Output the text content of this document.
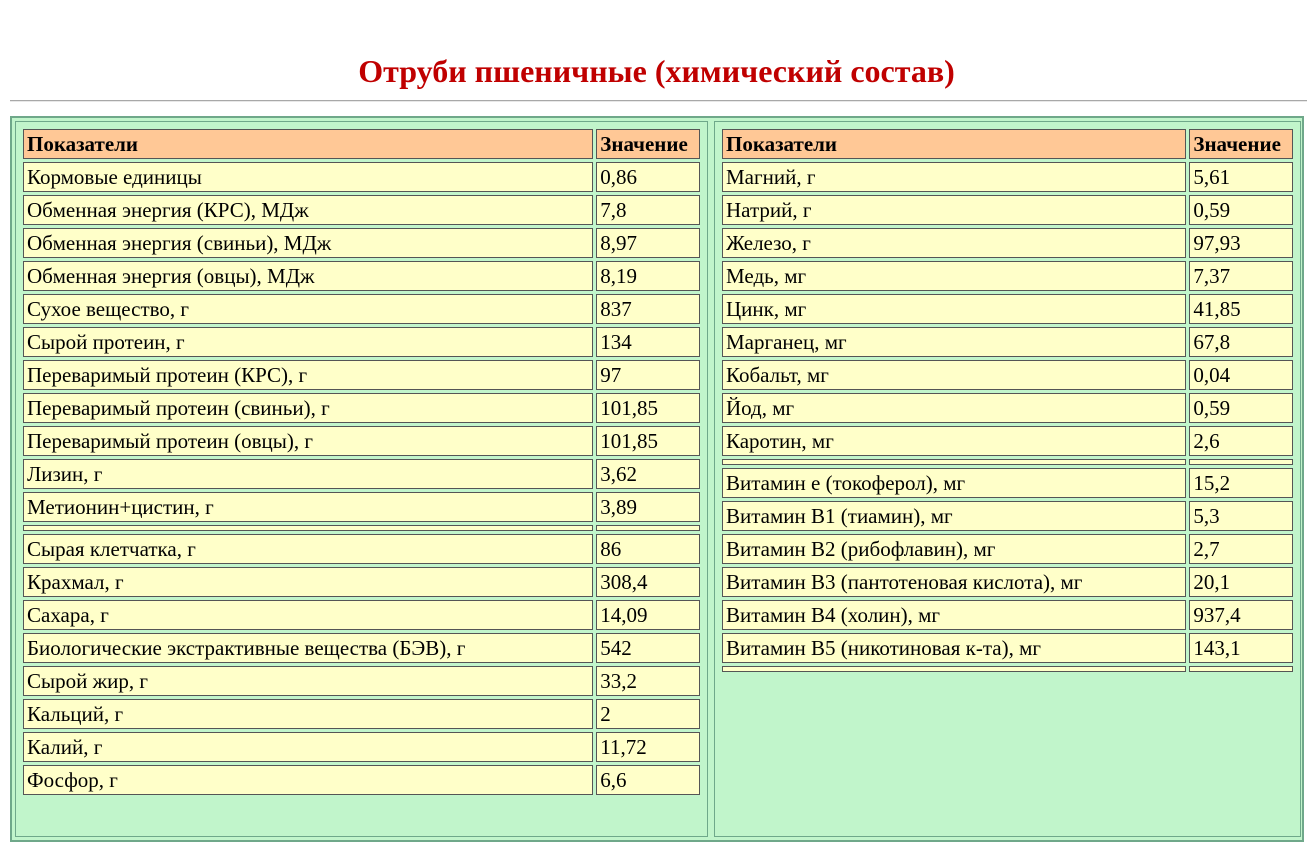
Отруби пшеничные (химический состав)
Показатели	Значение
Кормовые единицы	0,86
Обменная энергия (КРС), МДж	7,8
Обменная энергия (свиньи), МДж	8,97
Обменная энергия (овцы), МДж	8,19
Сухое вещество, г	837
Сырой протеин, г	134
Переваримый протеин (КРС), г	97
Переваримый протеин (свиньи), г	101,85
Переваримый протеин (овцы), г	101,85
Лизин, г	3,62
Метионин+цистин, г	3,89

Сырая клетчатка, г	86
Крахмал, г	308,4
Сахара, г	14,09
Биологические экстрактивные вещества (БЭВ), г	542
Сырой жир, г	33,2
Кальций, г	2
Калий, г	11,72
Фосфор, г	6,6
Показатели	Значение
Магний, г	5,61
Натрий, г	0,59
Железо, г	97,93
Медь, мг	7,37
Цинк, мг	41,85
Марганец, мг	67,8
Кобальт, мг	0,04
Йод, мг	0,59
Каротин, мг	2,6

Витамин е (токоферол), мг	15,2
Витамин В1 (тиамин), мг	5,3
Витамин В2 (рибофлавин), мг	2,7
Витамин В3 (пантотеновая кислота), мг	20,1
Витамин В4 (холин), мг	937,4
Витамин В5 (никотиновая к-та), мг	143,1
